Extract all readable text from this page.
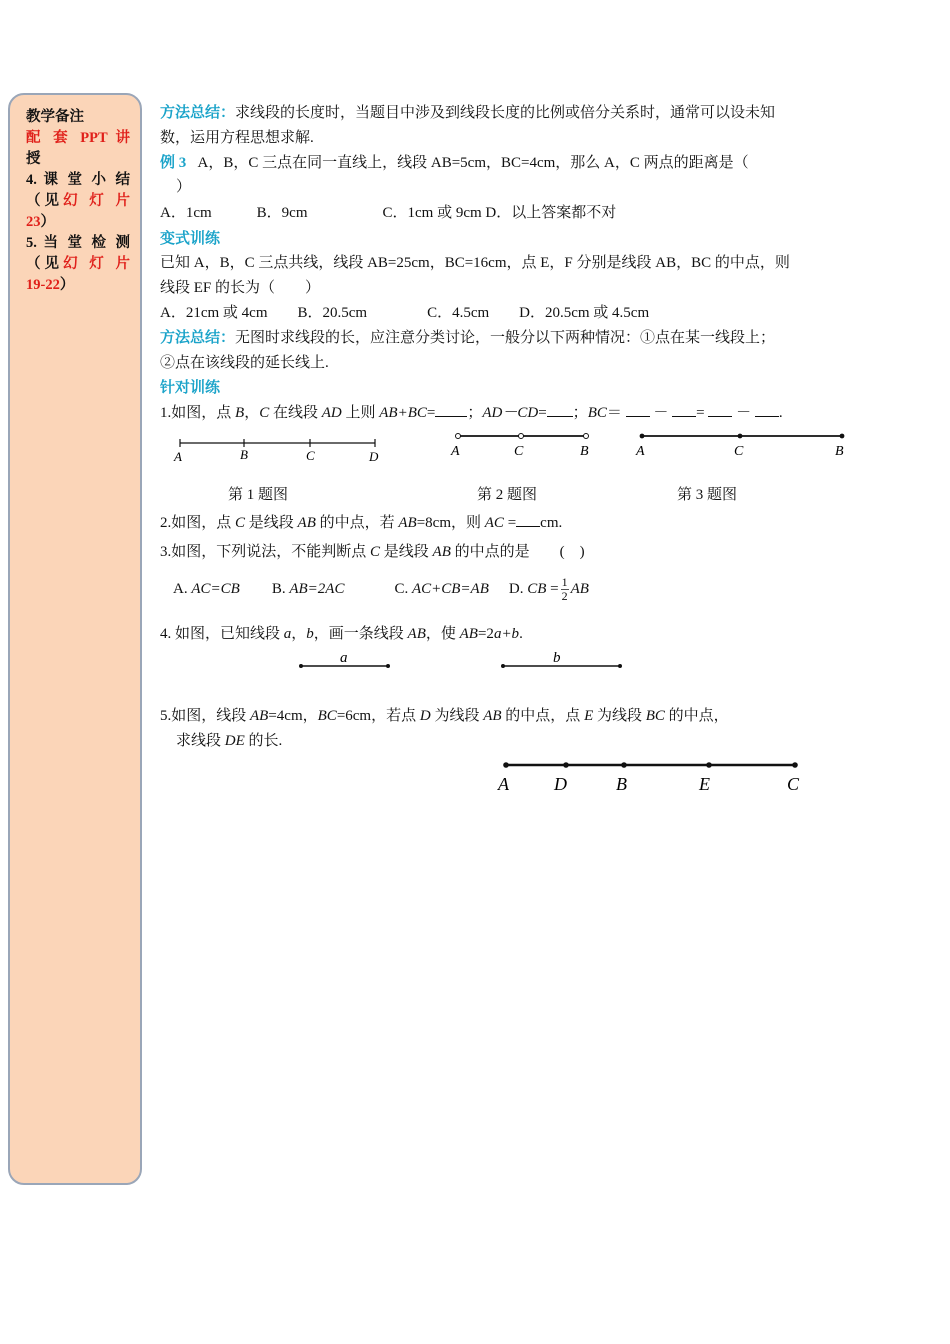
教学备注
配 套 PPT 讲
授
4. 课 堂 小 结
（见幻 灯 片
23）
5. 当 堂 检 测
（见幻 灯 片
19-22）
方法总结：求线段的长度时，当题目中涉及到线段长度的比例或倍分关系时，通常可以设未知
数，运用方程思想求解.
例 3 A，B，C 三点在同一直线上，线段 AB=5cm，BC=4cm，那么 A，C 两点的距离是（
）
A．1cm　　　B．9cm　　　　　C．1cm 或 9cm D．以上答案都不对
变式训练
已知 A，B，C 三点共线，线段 AB=25cm，BC=16cm，点 E，F 分别是线段 AB，BC 的中点，则
线段 EF 的长为（　　）
A．21cm 或 4cm　　B．20.5cm　　　　C．4.5cm　　D．20.5cm 或 4.5cm
方法总结：无图时求线段的长，应注意分类讨论，一般分以下两种情况：①点在某一线段上；
②点在该线段的延长线上.
针对训练
1.如图，点 B，C 在线段 AD 上则 AB+BC= ；AD－CD= ；BC＝  － =  － .
A	B	C	D	A	C	B	A	C	B
第 1 题图	第 2 题图	第 3 题图
2.如图，点 C 是线段 AB 的中点，若 AB=8cm，则 AC = cm.
3.如图，下列说法，不能判断点 C 是线段 AB 的中点的是　　(　)
A. AC=CB B. AB=2AC	C. AC+CB=AB D. CB = $\frac{1}{2}$ AB
4. 如图，已知线段 a，b，画一条线段 AB，使 AB=2a+b.
a	b
5.如图，线段 AB=4cm，BC=6cm，若点 D 为线段 AB 的中点，点 E 为线段 BC 的中点，
求线段 DE 的长.
A	D	B	E	C
